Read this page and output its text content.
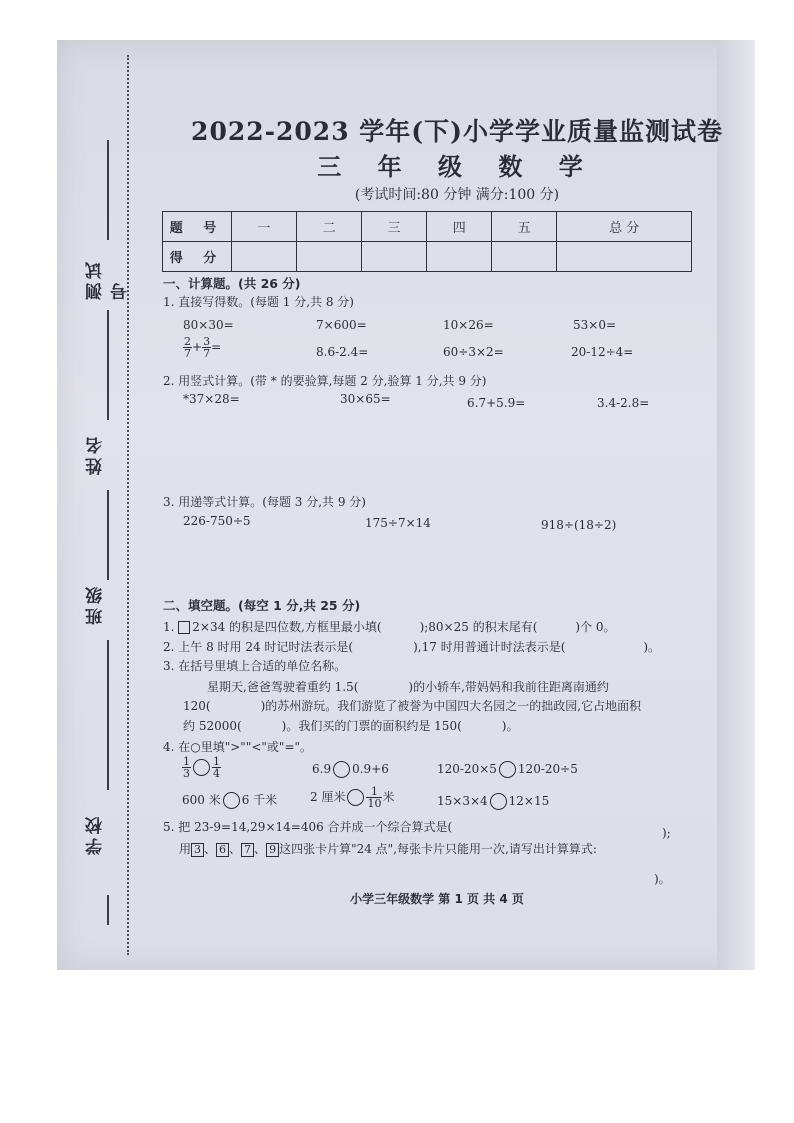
测试号
姓名
班级
学校
2022-2023 学年(下)小学学业质量监测试卷
三 年 级 数 学
(考试时间:80 分钟 满分:100 分)
题 号	一	二	三	四	五	总 分
得 分						
一、计算题。(共 26 分)
1. 直接写得数。(每题 1 分,共 8 分)
80×30=	7×600=	10×26=	53×0=
$\frac{2}{7} + \frac{3}{7}$ =	8.6-2.4=	60÷3×2=	20-12÷4=
2. 用竖式计算。(带 * 的要验算,每题 2 分,验算 1 分,共 9 分)
*37×28=	30×65=	6.7+5.9=	3.4-2.8=
3. 用递等式计算。(每题 3 分,共 9 分)
226-750÷5	175÷7×14	918÷(18÷2)
二、填空题。(每空 1 分,共 25 分)
1. 2×34 的积是四位数,方框里最小填(	);80×25 的积末尾有(	)个 0。
2. 上午 8 时用 24 时记时法表示是(	),17 时用普通计时法表示是(	)。
3. 在括号里填上合适的单位名称。
星期天,爸爸驾驶着重约 1.5(	)的小轿车,带妈妈和我前往距离南通约
120(	)的苏州游玩。我们游览了被誉为中国四大名园之一的拙政园,它占地面积
约 52000(	)。我们买的门票的面积约是 150(	)。
4. 在○里填">""<"或"="。
$\frac{1}{3} \frac{1}{4}$	6.9 0.9+6	120-20×5 120-20÷5
600 米 6 千米	2 厘米 $\frac{1}{10}$ 米	15×3×4 12×15
5. 把 23-9=14,29×14=406 合并成一个综合算式是(	);
用 3 、 6 、 7 、 9 这四张卡片算"24 点",每张卡片只能用一次,请写出计算算式:
)。
小学三年级数学 第 1 页 共 4 页
